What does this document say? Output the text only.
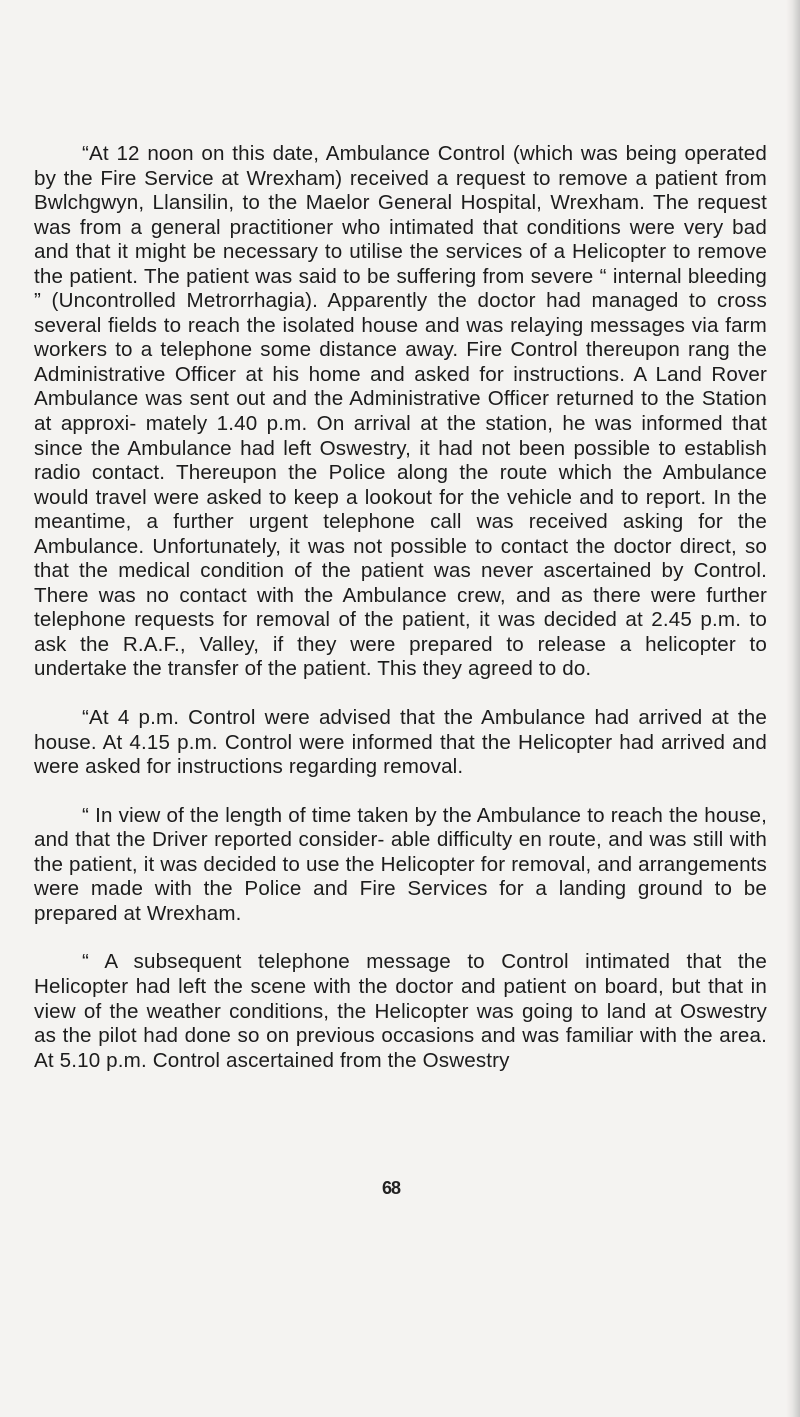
“At 12 noon on this date, Ambulance Control (which was being operated by the Fire Service at Wrexham) received a request to remove a patient from Bwlchgwyn, Llansilin, to the Maelor General Hospital, Wrexham. The request was from a general practitioner who intimated that conditions were very bad and that it might be necessary to utilise the services of a Helicopter to remove the patient. The patient was said to be suffering from severe “ internal bleeding ” (Uncontrolled Metrorrhagia). Apparently the doctor had managed to cross several fields to reach the isolated house and was relaying messages via farm workers to a telephone some distance away. Fire Control thereupon rang the Administrative Officer at his home and asked for instructions. A Land Rover Ambulance was sent out and the Administrative Officer returned to the Station at approxi- mately 1.40 p.m. On arrival at the station, he was informed that since the Ambulance had left Oswestry, it had not been possible to establish radio contact. Thereupon the Police along the route which the Ambulance would travel were asked to keep a lookout for the vehicle and to report. In the meantime, a further urgent telephone call was received asking for the Ambulance. Unfortunately, it was not possible to contact the doctor direct, so that the medical condition of the patient was never ascertained by Control. There was no contact with the Ambulance crew, and as there were further telephone requests for removal of the patient, it was decided at 2.45 p.m. to ask the R.A.F., Valley, if they were prepared to release a helicopter to undertake the transfer of the patient. This they agreed to do.

“At 4 p.m. Control were advised that the Ambulance had arrived at the house. At 4.15 p.m. Control were informed that the Helicopter had arrived and were asked for instructions regarding removal.

“ In view of the length of time taken by the Ambulance to reach the house, and that the Driver reported consider- able difficulty en route, and was still with the patient, it was decided to use the Helicopter for removal, and arrangements were made with the Police and Fire Services for a landing ground to be prepared at Wrexham.

“ A subsequent telephone message to Control intimated that the Helicopter had left the scene with the doctor and patient on board, but that in view of the weather conditions, the Helicopter was going to land at Oswestry as the pilot had done so on previous occasions and was familiar with the area. At 5.10 p.m. Control ascertained from the Oswestry

68
